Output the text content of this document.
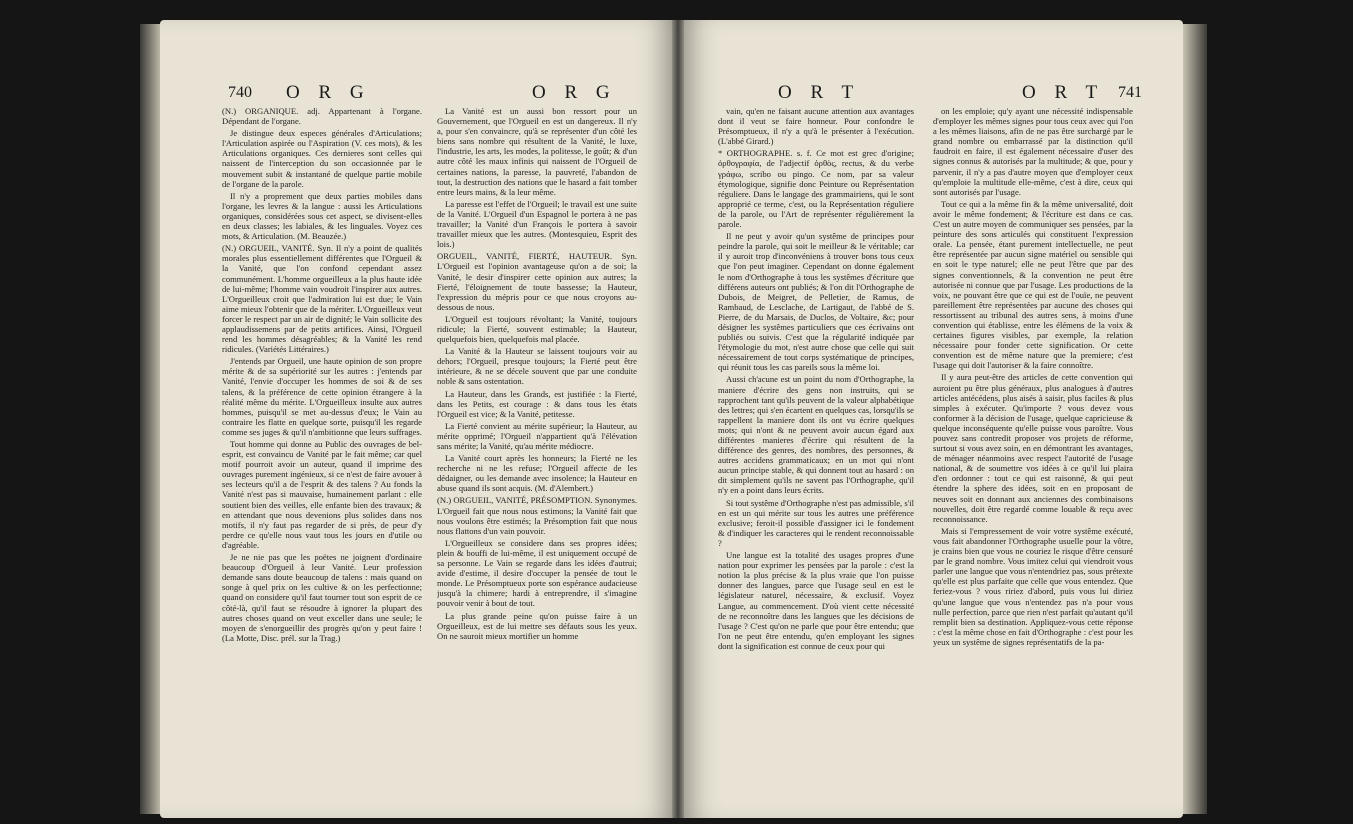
740 O R G	O R G

(N.) ORGANIQUE. adj. Appartenant à l'organe. Dépendant de l'organe.

Je distingue deux especes générales d'Articulations; l'Articulation aspirée ou l'Aspiration (V. ces mots), & les Articulations organiques. Ces dernieres sont celles qui naissent de l'interception du son occasionnée par le mouvement subit & instantané de quelque partie mobile de l'organe de la parole.

Il n'y a proprement que deux parties mobiles dans l'organe, les levres & la langue : aussi les Articulations organiques, considérées sous cet aspect, se divisent-elles en deux classes; les labiales, & les linguales. Voyez ces mots, & Articulation. (M. Beauzée.)

(N.) ORGUEIL, VANITÉ. Syn. Il n'y a point de qualités morales plus essentiellement différentes que l'Orgueil & la Vanité, que l'on confond cependant assez communément. L'homme orgueilleux a la plus haute idée de lui-même; l'homme vain voudroit l'inspirer aux autres. L'Orgueilleux croit que l'admiration lui est due; le Vain aime mieux l'obtenir que de la mériter. L'Orgueilleux veut forcer le respect par un air de dignité; le Vain sollicite des applaudissemens par de petits artifices. Ainsi, l'Orgueil rend les hommes désagréables; & la Vanité les rend ridicules. (Variétés Littéraires.)

J'entends par Orgueil, une haute opinion de son propre mérite & de sa supériorité sur les autres : j'entends par Vanité, l'envie d'occuper les hommes de soi & de ses talens, & la préférence de cette opinion étrangere à la réalité même du mérite. L'Orgueilleux insulte aux autres hommes, puisqu'il se met au-dessus d'eux; le Vain au contraire les flatte en quelque sorte, puisqu'il les regarde comme ses juges & qu'il n'ambitionne que leurs suffrages.

Tout homme qui donne au Public des ouvrages de bel-esprit, est convaincu de Vanité par le fait même; car quel motif pourroit avoir un auteur, quand il imprime des ouvrages purement ingénieux, si ce n'est de faire avouer à ses lecteurs qu'il a de l'esprit & des talens ? Au fonds la Vanité n'est pas si mauvaise, humainement parlant : elle soutient bien des veilles, elle enfante bien des travaux; & en attendant que nous devenions plus solides dans nos motifs, il n'y faut pas regarder de si près, de peur d'y perdre ce qu'elle nous vaut tous les jours en d'utile ou d'agréable.

Je ne nie pas que les poëtes ne joignent d'ordinaire beaucoup d'Orgueil à leur Vanité. Leur profession demande sans doute beaucoup de talens : mais quand on songe à quel prix on les cultive & on les perfectionne; quand on considere qu'il faut tourner tout son esprit de ce côté-là, qu'il faut se résoudre à ignorer la plupart des autres choses quand on veut exceller dans une seule; le moyen de s'enorgueillir des progrès qu'on y peut faire ! (La Motte, Disc. prél. sur la Trag.)

La Vanité est un aussi bon ressort pour un Gouvernement, que l'Orgueil en est un dangereux. Il n'y a, pour s'en convaincre, qu'à se représenter d'un côté les biens sans nombre qui résultent de la Vanité, le luxe, l'industrie, les arts, les modes, la politesse, le goût; & d'un autre côté les maux infinis qui naissent de l'Orgueil de certaines nations, la paresse, la pauvreté, l'abandon de tout, la destruction des nations que le hasard a fait tomber entre leurs mains, & la leur même.

La paresse est l'effet de l'Orgueil; le travail est une suite de la Vanité. L'Orgueil d'un Espagnol le portera à ne pas travailler; la Vanité d'un François le portera à savoir travailler mieux que les autres. (Montesquieu, Esprit des lois.)

ORGUEIL, VANITÉ, FIERTÉ, HAUTEUR. Syn. L'Orgueil est l'opinion avantageuse qu'on a de soi; la Vanité, le desir d'inspirer cette opinion aux autres; la Fierté, l'éloignement de toute bassesse; la Hauteur, l'expression du mépris pour ce que nous croyons au-dessous de nous.

L'Orgueil est toujours révoltant; la Vanité, toujours ridicule; la Fierté, souvent estimable; la Hauteur, quelquefois bien, quelquefois mal placée.

La Vanité & la Hauteur se laissent toujours voir au dehors; l'Orgueil, presque toujours; la Fierté peut être intérieure, & ne se décele souvent que par une conduite noble & sans ostentation.

La Hauteur, dans les Grands, est justifiée : la Fierté, dans les Petits, est courage : & dans tous les états l'Orgueil est vice; & la Vanité, petitesse.

La Fierté convient au mérite supérieur; la Hauteur, au mérite opprimé; l'Orgueil n'appartient qu'à l'élévation sans mérite; la Vanité, qu'au mérite médiocre.

La Vanité court après les honneurs; la Fierté ne les recherche ni ne les refuse; l'Orgueil affecte de les dédaigner, ou les demande avec insolence; la Hauteur en abuse quand ils sont acquis. (M. d'Alembert.)

(N.) ORGUEIL, VANITÉ, PRÉSOMPTION. Synonymes. L'Orgueil fait que nous nous estimons; la Vanité fait que nous voulons être estimés; la Présomption fait que nous nous flattons d'un vain pouvoir.

L'Orgueilleux se considere dans ses propres idées; plein & bouffi de lui-même, il est uniquement occupé de sa personne. Le Vain se regarde dans les idées d'autrui; avide d'estime, il desire d'occuper la pensée de tout le monde. Le Présomptueux porte son espérance audacieuse jusqu'à la chimere; hardi à entreprendre, il s'imagine pouvoir venir à bout de tout.

La plus grande peine qu'on puisse faire à un Orgueilleux, est de lui mettre ses défauts sous les yeux. On ne sauroit mieux mortifier un homme

O R T	O R T 741

vain, qu'en ne faisant aucune attention aux avantages dont il veut se faire honneur. Pour confondre le Présomptueux, il n'y a qu'à le présenter à l'exécution. (L'abbé Girard.)

* ORTHOGRAPHE. s. f. Ce mot est grec d'origine; ὀρθογραφία, de l'adjectif ὀρθὸς, rectus, & du verbe γράφω, scribo ou pingo. Ce nom, par sa valeur étymologique, signifie donc Peinture ou Représentation réguliere. Dans le langage des grammairiens, qui le sont approprié ce terme, c'est, ou la Représentation réguliere de la parole, ou l'Art de représenter régulièrement la parole.

Il ne peut y avoir qu'un systême de principes pour peindre la parole, qui soit le meilleur & le véritable; car il y auroit trop d'inconvéniens à trouver bons tous ceux que l'on peut imaginer. Cependant on donne également le nom d'Orthographe à tous les systêmes d'écriture que différens auteurs ont publiés; & l'on dit l'Orthographe de Dubois, de Meigret, de Pelletier, de Ramus, de Rambaud, de Lesclache, de Lartigaut, de l'abbé de S. Pierre, de du Marsais, de Duclos, de Voltaire, &c; pour désigner les systêmes particuliers que ces écrivains ont publiés ou suivis. C'est que la régularité indiquée par l'étymologie du mot, n'est autre chose que celle qui suit nécessairement de tout corps systématique de principes, qui réunit tous les cas pareils sous la même loi.

Aussi ch'acune est un point du nom d'Orthographe, la maniere d'écrire des gens non instruits, qui se rapprochent tant qu'ils peuvent de la valeur alphabétique des lettres; qui s'en écartent en quelques cas, lorsqu'ils se rappellent la maniere dont ils ont vu écrire quelques mots; qui n'ont & ne peuvent avoir aucun égard aux différentes manieres d'écrire qui résultent de la différence des genres, des nombres, des personnes, & autres accidens grammaticaux; en un mot qui n'ont aucun principe stable, & qui donnent tout au hasard : on dit simplement qu'ils ne savent pas l'Orthographe, qu'il n'y en a point dans leurs écrits.

Si tout systême d'Orthographe n'est pas admissible, s'il en est un qui mérite sur tous les autres une préférence exclusive; feroit-il possible d'assigner ici le fondement & d'indiquer les caracteres qui le rendent reconnoissable ?

Une langue est la totalité des usages propres d'une nation pour exprimer les pensées par la parole : c'est la notion la plus précise & la plus vraie que l'on puisse donner des langues, parce que l'usage seul en est le législateur naturel, nécessaire, & exclusif. Voyez Langue, au commencement. D'où vient cette nécessité de ne reconnoître dans les langues que les décisions de l'usage ? C'est qu'on ne parle que pour être entendu; que l'on ne peut être entendu, qu'en employant les signes dont la signification est connue de ceux pour qui

on les emploie; qu'y ayant une nécessité indispensable d'employer les mêmes signes pour tous ceux avec qui l'on a les mêmes liaisons, afin de ne pas être surchargé par le grand nombre ou embarrassé par la distinction qu'il faudroit en faire, il est également nécessaire d'user des signes connus & autorisés par la multitude; & que, pour y parvenir, il n'y a pas d'autre moyen que d'employer ceux qu'emploie la multitude elle-même, c'est à dire, ceux qui sont autorisés par l'usage.

Tout ce qui a la même fin & la même universalité, doit avoir le même fondement; & l'écriture est dans ce cas. C'est un autre moyen de communiquer ses pensées, par la peinture des sons articulés qui constituent l'expression orale. La pensée, étant purement intellectuelle, ne peut être représentée par aucun signe matériel ou sensible qui en soit le type naturel; elle ne peut l'être que par des signes conventionnels, & la convention ne peut être autorisée ni connue que par l'usage. Les productions de la voix, ne pouvant être que ce qui est de l'ouïe, ne peuvent pareillement être représentées par aucune des choses qui ressortissent au tribunal des autres sens, à moins d'une convention qui établisse, entre les élémens de la voix & certaines figures visibles, par exemple, la relation nécessaire pour fonder cette signification. Or cette convention est de même nature que la premiere; c'est l'usage qui doit l'autoriser & la faire connoître.

Il y aura peut-être des articles de cette convention qui auroient pu être plus généraux, plus analogues à d'autres articles antécédens, plus aisés à saisir, plus faciles & plus simples à exécuter. Qu'importe ? vous devez vous conformer à la décision de l'usage, quelque capricieuse & quelque inconséquente qu'elle puisse vous paroître. Vous pouvez sans contredit proposer vos projets de réforme, surtout si vous avez soin, en en démontrant les avantages, de ménager néanmoins avec respect l'autorité de l'usage national, & de soumettre vos idées à ce qu'il lui plaira d'en ordonner : tout ce qui est raisonné, & qui peut étendre la sphere des idées, soit en en proposant de neuves soit en donnant aux anciennes des combinaisons nouvelles, doit être regardé comme louable & reçu avec reconnoissance.

Mais si l'empressement de voir votre systême exécuté, vous fait abandonner l'Orthographe usuelle pour la vôtre, je crains bien que vous ne couriez le risque d'être censuré par le grand nombre. Vous imitez celui qui viendroit vous parler une langue que vous n'entendriez pas, sous prétexte qu'elle est plus parfaite que celle que vous entendez. Que feriez-vous ? vous ririez d'abord, puis vous lui diriez qu'une langue que vous n'entendez pas n'a pour vous nulle perfection, parce que rien n'est parfait qu'autant qu'il remplit bien sa destination. Appliquez-vous cette réponse : c'est la même chose en fait d'Orthographe : c'est pour les yeux un systême de signes représentatifs de la pa-
